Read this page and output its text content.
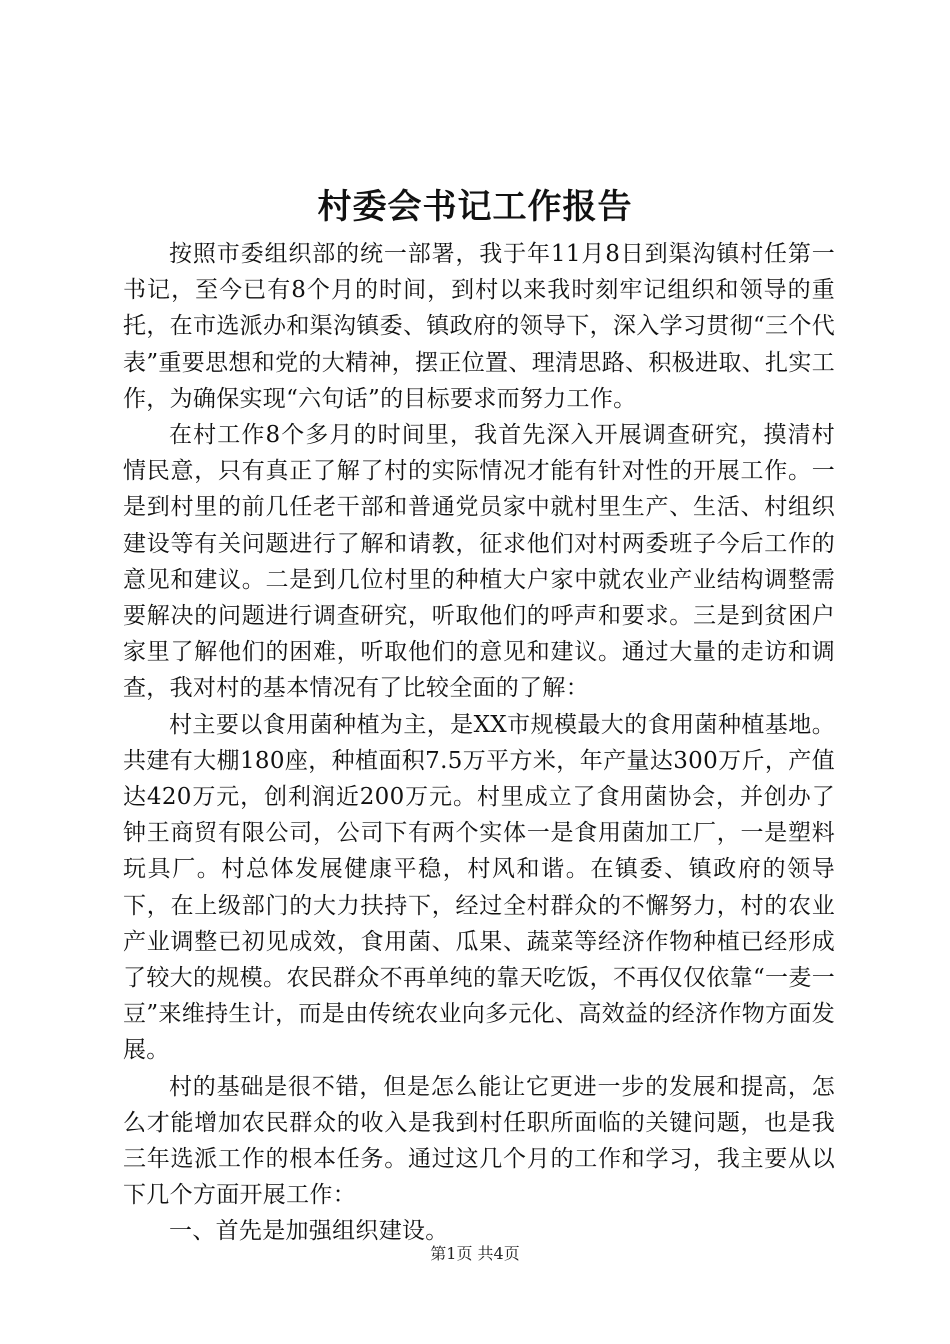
村委会书记工作报告

按照市委组织部的统一部署，我于年11月8日到渠沟镇村任第一书记，至今已有8个月的时间，到村以来我时刻牢记组织和领导的重托，在市选派办和渠沟镇委、镇政府的领导下，深入学习贯彻“三个代表”重要思想和党的大精神，摆正位置、理清思路、积极进取、扎实工作，为确保实现“六句话”的目标要求而努力工作。

在村工作8个多月的时间里，我首先深入开展调查研究，摸清村情民意，只有真正了解了村的实际情况才能有针对性的开展工作。一是到村里的前几任老干部和普通党员家中就村里生产、生活、村组织建设等有关问题进行了解和请教，征求他们对村两委班子今后工作的意见和建议。二是到几位村里的种植大户家中就农业产业结构调整需要解决的问题进行调查研究，听取他们的呼声和要求。三是到贫困户家里了解他们的困难，听取他们的意见和建议。通过大量的走访和调查，我对村的基本情况有了比较全面的了解：

村主要以食用菌种植为主，是XX市规模最大的食用菌种植基地。共建有大棚180座，种植面积7.5万平方米，年产量达300万斤，产值达420万元，创利润近200万元。村里成立了食用菌协会，并创办了钟王商贸有限公司，公司下有两个实体一是食用菌加工厂，一是塑料玩具厂。村总体发展健康平稳，村风和谐。在镇委、镇政府的领导下，在上级部门的大力扶持下，经过全村群众的不懈努力，村的农业产业调整已初见成效，食用菌、瓜果、蔬菜等经济作物种植已经形成了较大的规模。农民群众不再单纯的靠天吃饭，不再仅仅依靠“一麦一豆”来维持生计，而是由传统农业向多元化、高效益的经济作物方面发展。

村的基础是很不错，但是怎么能让它更进一步的发展和提高，怎么才能增加农民群众的收入是我到村任职所面临的关键问题，也是我三年选派工作的根本任务。通过这几个月的工作和学习，我主要从以下几个方面开展工作：

一、首先是加强组织建设。

第1页 共4页
